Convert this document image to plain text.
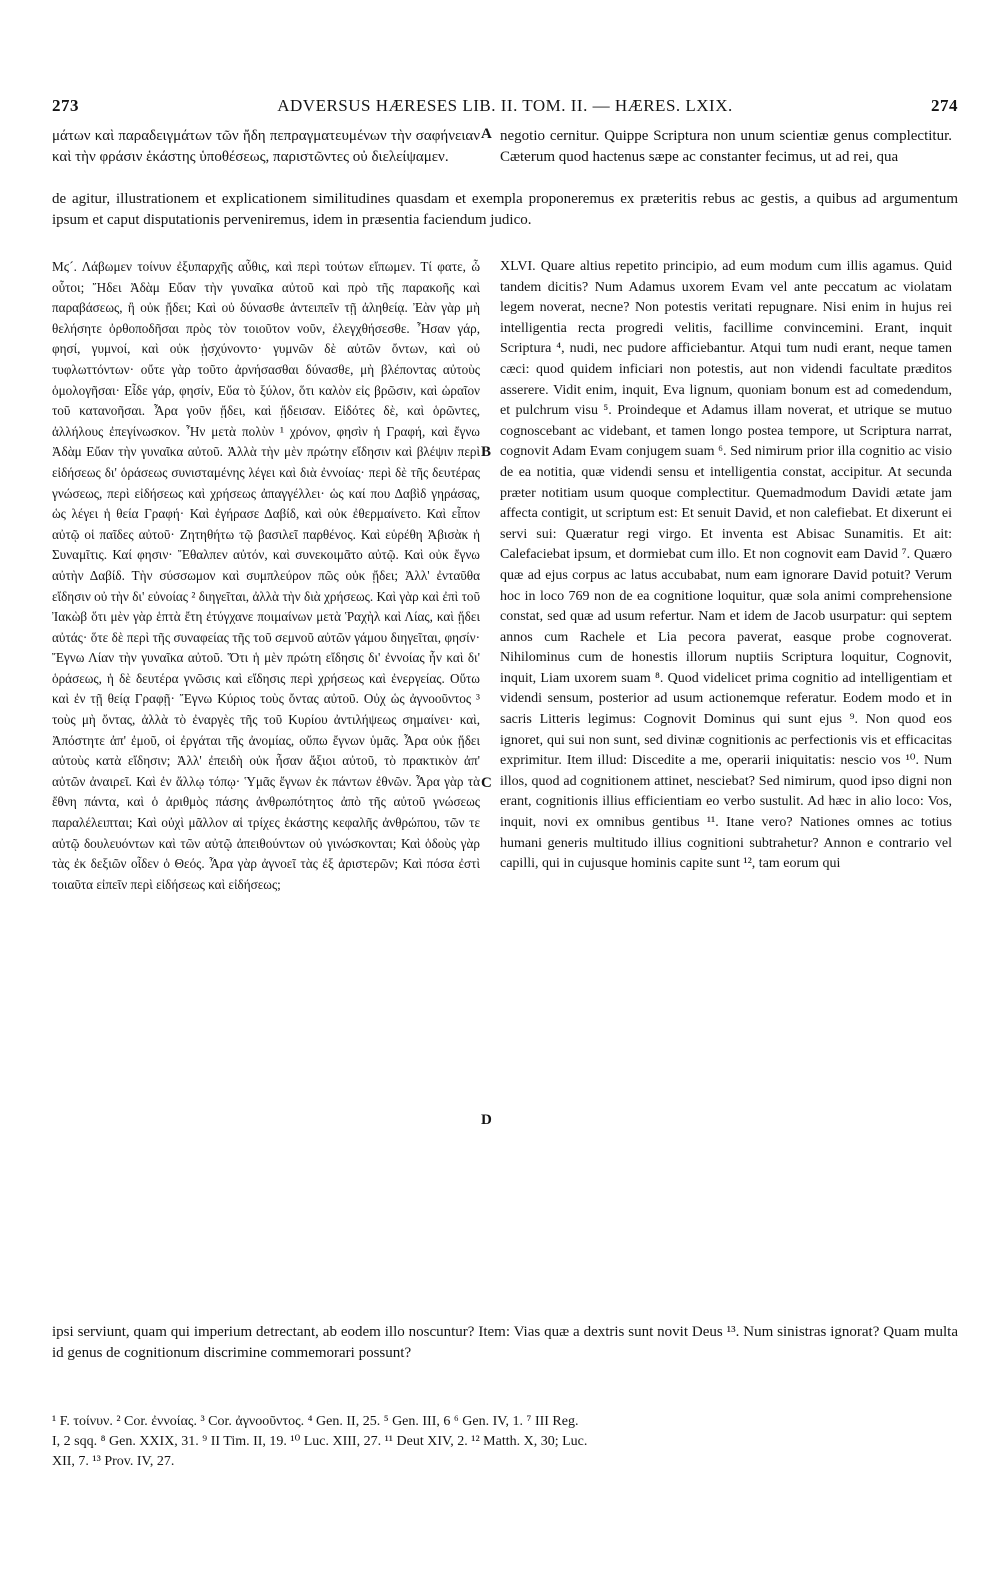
273	ADVERSUS HÆRESES LIB. II. TOM. II. — HÆRES. LXIX.	274

μάτων καὶ παραδειγμάτων τῶν ἤδη πεπραγματευμένων τὴν σαφήνειαν καὶ τὴν φράσιν ἑκάστης ὑποθέσεως, παριστῶντες οὐ διελείψαμεν.

negotio cernitur. Quippe Scriptura non unum scientiæ genus complectitur. Cæterum quod hactenus sæpe ac constanter fecimus, ut ad rei, qua

de agitur, illustrationem et explicationem similitudines quasdam et exempla proponeremus ex præteritis rebus ac gestis, a quibus ad argumentum ipsum et caput disputationis perveniremus, idem in præsentia faciendum judico.

Μϛ´. Λάβωμεν τοίνυν ἐξυπαρχῆς αὖθις, καὶ περὶ τούτων εἴπωμεν. Τί φατε, ὦ οὗτοι; Ἤδει Ἀδὰμ Εὔαν τὴν γυναῖκα αὐτοῦ καὶ πρὸ τῆς παρακοῆς καὶ παραβάσεως, ἢ οὐκ ᾔδει; Καὶ οὐ δύνασθε ἀντειπεῖν τῇ ἀληθείᾳ. Ἐὰν γὰρ μὴ θελήσητε ὀρθοποδῆσαι πρὸς τὸν τοιοῦτον νοῦν, ἐλεγχθήσεσθε. Ἦσαν γάρ, φησί, γυμνοί, καὶ οὐκ ᾐσχύνοντο· γυμνῶν δὲ αὐτῶν ὄντων, καὶ οὐ τυφλωττόντων· οὔτε γὰρ τοῦτο ἀρνήσασθαι δύνασθε, μὴ βλέποντας αὐτοὺς ὁμολογῆσαι· Εἶδε γάρ, φησίν, Εὔα τὸ ξύλον, ὅτι καλὸν εἰς βρῶσιν, καὶ ὡραῖον τοῦ κατανοῆσαι. Ἆρα γοῦν ᾔδει, καὶ ᾔδεισαν. Εἰδότες δὲ, καὶ ὁρῶντες, ἀλλήλους ἐπεγίνωσκον. Ἦν μετὰ πολὺν ¹ χρόνον, φησὶν ἡ Γραφή, καὶ ἔγνω Ἀδὰμ Εὔαν τὴν γυναῖκα αὐτοῦ. Ἀλλὰ τὴν μὲν πρώτην εἴδησιν καὶ βλέψιν περὶ εἰδήσεως δι' ὁράσεως συνισταμένης λέγει καὶ διὰ ἐννοίας· περὶ δὲ τῆς δευτέρας γνώσεως, περὶ εἰδήσεως καὶ χρήσεως ἀπαγγέλλει· ὡς καί που Δαβὶδ γηράσας, ὡς λέγει ἡ θεία Γραφή· Καὶ ἐγήρασε Δαβίδ, καὶ οὐκ ἐθερμαίνετο. Καὶ εἶπον αὐτῷ οἱ παῖδες αὐτοῦ· Ζητηθήτω τῷ βασιλεῖ παρθένος. Καὶ εὑρέθη Ἀβισὰκ ἡ Συναμῖτις. Καί φησιν· Ἔθαλπεν αὐτόν, καὶ συνεκοιμᾶτο αὐτῷ. Καὶ οὐκ ἔγνω αὐτὴν Δαβίδ. Τὴν σύσσωμον καὶ συμπλεύρον πῶς οὐκ ᾔδει; Ἀλλ' ἐνταῦθα εἴδησιν οὐ τὴν δι' εὐνοίας ² διηγεῖται, ἀλλὰ τὴν διὰ χρήσεως. Καὶ γὰρ καὶ ἐπὶ τοῦ Ἰακὼβ ὅτι μὲν γὰρ ἑπτὰ ἔτη ἐτύγχανε ποιμαίνων μετὰ Ῥαχὴλ καὶ Λίας, καὶ ᾔδει αὐτάς· ὅτε δὲ περὶ τῆς συναφείας τῆς τοῦ σεμνοῦ αὐτῶν γάμου διηγεῖται, φησίν· Ἔγνω Λίαν τὴν γυναῖκα αὐτοῦ. Ὅτι ἡ μὲν πρώτη εἴδησις δι' ἐννοίας ἦν καὶ δι' ὁράσεως, ἡ δὲ δευτέρα γνῶσις καὶ εἴδησις περὶ χρήσεως καὶ ἐνεργείας. Οὕτω καὶ ἐν τῇ θείᾳ Γραφῇ· Ἔγνω Κύριος τοὺς ὄντας αὐτοῦ. Οὐχ ὡς ἀγνοοῦντος ³ τοὺς μὴ ὄντας, ἀλλὰ τὸ ἐναργὲς τῆς τοῦ Κυρίου ἀντιλήψεως σημαίνει· καὶ, Ἀπόστητε ἀπ' ἐμοῦ, οἱ ἐργάται τῆς ἀνομίας, οὔπω ἔγνων ὑμᾶς. Ἆρα οὐκ ᾔδει αὐτοὺς κατὰ εἴδησιν; Ἀλλ' ἐπειδὴ οὐκ ἦσαν ἄξιοι αὐτοῦ, τὸ πρακτικὸν ἀπ' αὐτῶν ἀναιρεῖ. Καὶ ἐν ἄλλῳ τόπῳ· Ὑμᾶς ἔγνων ἐκ πάντων ἐθνῶν. Ἆρα γὰρ τὰ ἔθνη πάντα, καὶ ὁ ἀριθμὸς πάσης ἀνθρωπότητος ἀπὸ τῆς αὐτοῦ γνώσεως παραλέλειπται; Καὶ οὐχὶ μᾶλλον αἱ τρίχες ἑκάστης κεφαλῆς ἀνθρώπου, τῶν τε αὐτῷ δουλευόντων καὶ τῶν αὐτῷ ἀπειθούντων οὐ γινώσκονται; Καὶ ὁδοὺς γὰρ τὰς ἐκ δεξιῶν οἶδεν ὁ Θεός. Ἆρα γὰρ ἀγνοεῖ τὰς ἐξ ἀριστερῶν; Καὶ πόσα ἐστὶ τοιαῦτα εἰπεῖν περὶ εἰδήσεως καὶ εἰδήσεως;

XLVI. Quare altius repetito principio, ad eum modum cum illis agamus. Quid tandem dicitis? Num Adamus uxorem Evam vel ante peccatum ac violatam legem noverat, necne? Non potestis veritati repugnare. Nisi enim in hujus rei intelligentia recta progredi velitis, facillime convincemini. Erant, inquit Scriptura ⁴, nudi, nec pudore afficiebantur. Atqui tum nudi erant, neque tamen cæci: quod quidem inficiari non potestis, aut non videndi facultate præditos asserere. Vidit enim, inquit, Eva lignum, quoniam bonum est ad comedendum, et pulchrum visu ⁵. Proindeque et Adamus illam noverat, et utrique se mutuo cognoscebant ac videbant, et tamen longo postea tempore, ut Scriptura narrat, cognovit Adam Evam conjugem suam ⁶. Sed nimirum prior illa cognitio ac visio de ea notitia, quæ videndi sensu et intelligentia constat, accipitur. At secunda præter notitiam usum quoque complectitur. Quemadmodum Davidi ætate jam affecta contigit, ut scriptum est: Et senuit David, et non calefiebat. Et dixerunt ei servi sui: Quæratur regi virgo. Et inventa est Abisac Sunamitis. Et ait: Calefaciebat ipsum, et dormiebat cum illo. Et non cognovit eam David ⁷. Quæro quæ ad ejus corpus ac latus accubabat, num eam ignorare David potuit? Verum hoc in loco 769 non de ea cognitione loquitur, quæ sola animi comprehensione constat, sed quæ ad usum refertur. Nam et idem de Jacob usurpatur: qui septem annos cum Rachele et Lia pecora paverat, easque probe cognoverat. Nihilominus cum de honestis illorum nuptiis Scriptura loquitur, Cognovit, inquit, Liam uxorem suam ⁸. Quod videlicet prima cognitio ad intelligentiam et videndi sensum, posterior ad usum actionemque referatur. Eodem modo et in sacris Litteris legimus: Cognovit Dominus qui sunt ejus ⁹. Non quod eos ignoret, qui sui non sunt, sed divinæ cognitionis ac perfectionis vis et efficacitas exprimitur. Item illud: Discedite a me, operarii iniquitatis: nescio vos ¹⁰. Num illos, quod ad cognitionem attinet, nesciebat? Sed nimirum, quod ipso digni non erant, cognitionis illius efficientiam eo verbo sustulit. Ad hæc in alio loco: Vos, inquit, novi ex omnibus gentibus ¹¹. Itane vero? Nationes omnes ac totius humani generis multitudo illius cognitioni subtrahetur? Annon e contrario vel capilli, qui in cujusque hominis capite sunt ¹², tam eorum qui

A
B
C
D

ipsi serviunt, quam qui imperium detrectant, ab eodem illo noscuntur? Item: Vias quæ a dextris sunt novit Deus ¹³. Num sinistras ignorat? Quam multa id genus de cognitionum discrimine commemorari possunt?

¹ F. τοίνυν. ² Cor. ἐννοίας. ³ Cor. ἀγνοοῦντος. ⁴ Gen. II, 25. ⁵ Gen. III, 6 ⁶ Gen. IV, 1. ⁷ III Reg.

I, 2 sqq. ⁸ Gen. XXIX, 31. ⁹ II Tim. II, 19. ¹⁰ Luc. XIII, 27. ¹¹ Deut XIV, 2. ¹² Matth. X, 30; Luc.

XII, 7. ¹³ Prov. IV, 27.
